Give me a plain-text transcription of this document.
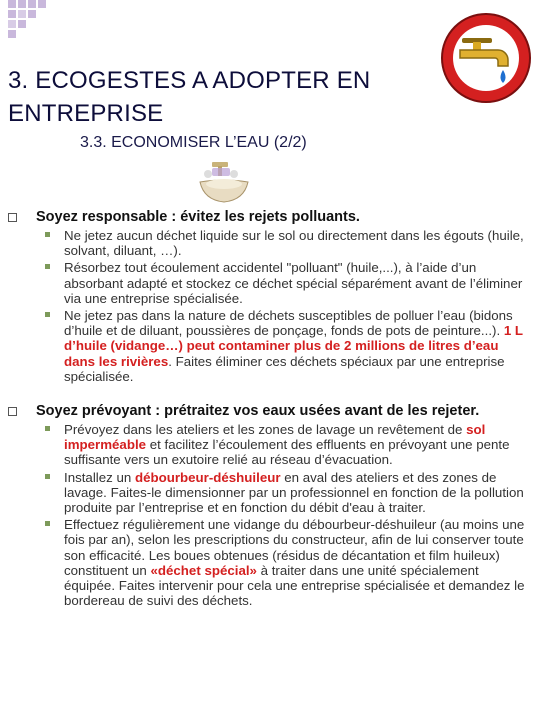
3. ECOGESTES A ADOPTER EN
ENTREPRISE
3.3. ECONOMISER L’EAU (2/2)
Soyez responsable : évitez les rejets polluants.
Ne jetez aucun déchet liquide sur le sol ou directement dans les égouts (huile, solvant, diluant, …).
Résorbez tout écoulement accidentel "polluant" (huile,...), à l’aide d’un absorbant adapté et stockez ce déchet spécial séparément avant de l’éliminer via une entreprise spécialisée.
Ne jetez pas dans la nature de déchets susceptibles de polluer l’eau (bidons d’huile et de diluant, poussières de ponçage, fonds de pots de peinture...). 1 L d’huile (vidange…) peut contaminer plus de 2 millions de litres d’eau dans les rivières. Faites éliminer ces déchets spéciaux par une entreprise spécialisée.
Soyez prévoyant : prétraitez vos eaux usées avant de les rejeter.
Prévoyez dans les ateliers et les zones de lavage un revêtement de sol imperméable et facilitez l’écoulement des effluents en prévoyant une pente suffisante vers un exutoire relié au réseau d’évacuation.
Installez un débourbeur-déshuileur en aval des ateliers et des zones de lavage. Faites-le dimensionner par un professionnel en fonction de la pollution produite par l’entreprise et en fonction du débit d'eau à traiter.
Effectuez régulièrement une vidange du débourbeur-déshuileur (au moins une fois par an), selon les prescriptions du constructeur, afin de lui conserver toute son efficacité. Les boues obtenues (résidus de décantation et film huileux) constituent un «déchet spécial» à traiter dans une unité spécialement équipée. Faites intervenir pour cela une entreprise spécialisée et demandez le bordereau de suivi des déchets.
